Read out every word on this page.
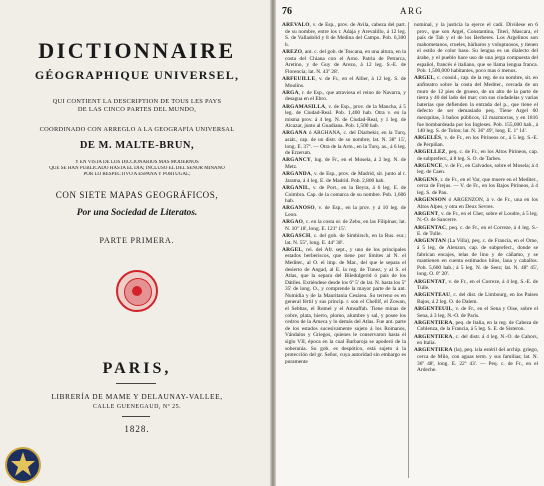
DICTIONNAIRE
GÉOGRAPHIQUE UNIVERSEL,
QUI CONTIENT LA DESCRIPTION DE TOUS LES PAYS
DE LAS CINCO PARTES DEL MUNDO,
COORDINADO CON ARREGLO A LA GEOGRAFÍA UNIVERSAL
DE M. MALTE-BRUN,
Y EN VISTA DE LOS DICCIONARIOS MAS MODERNOS
QUE SE HAN PUBLICADO HASTA EL DIA; INCLUSO EL DEL SEÑOR MIÑANO
POR LO RESPECTIVO A ESPAÑA Y PORTUGAL;
CON SIETE MAPAS GEOGRÁFICOS,
Por una Sociedad de Literatos.
PARTE PRIMERA.
PARIS,
LIBRERÍA DE MAME Y DELAUNAY-VALLEE,
CALLE GUENÉGAUD, Nº 25.
1828.
76	ARG
ARÉVALO, v. de Esp., prov. de Avila, cabeza del part. de su nombre, entre los r. Adaja y Arevalillo, á 12 leg. S. de Valladolid y 8 de Medina del Campo. Pob. 6,300 h.
AREZO, ant. c. del gob. de Toscana, en una altura, en la costa del Chiana con el Arno. Patria de Petrarca, Aretino, y de Guy de Arezo, á 12 leg. S.-E. de Florencia; lat. N. 43º 28'.
ARFEUILLE, v. de Fr., en el Allier, á 12 leg. S. de Moulins.
ARGA, r. de Esp., que atraviesa el reino de Navarra, y desagua en el Ebro.
ARGAMASILLA, v. de Esp., prov. de la Mancha, á 5 leg. de Ciudad-Real. Pob. 1,400 hab. Otra v. en la misma prov. á 4 leg. N. de Ciudad-Real, y 1 leg. de Alcazar, junto al Guadiana. Pob. 1,500 hab.
ARGANA ó ARGHANA, c. del Diarbekir, en la Turq. asiát., cap. de un distr. de su nombre; lat. N. 38º 15', long. E. 37º. — Otra de la Arm., en la Turq. as., á 6 leg. de Erzerum.
ARGANCY, lug. de Fr., en el Mosela, á 2 leg. N. de Metz.
ARGANDA, v. de Esp., prov. de Madrid, sit. junto al r. Jarama, á 4 leg. E. de Madrid. Pob. 2,800 hab.
ARGANIL, v. de Port., en la Beyra, á 6 leg. E. de Coimbra. Cap. de la comarca de su nombre. Pob. 1,606 hab.
ARGANOSO, v. de Esp., en la prov. y á 10 leg. de Leon.
ARGAO, c. en la costa or. de Zebu, en las Filipinas; lat. N. 10º 18', long. E. 121º 15'.
ARGASCH, c. del gob. de Simbirsch, en la Rus. eur.; lat. N. 55º, long. E. 44º 30'.
ARGEL, rei. del Afr. sept., y uno de los principales estados berberiscos, que tiene por límites al N. el Mediter., al O. el imp. de Mar., del que le separa el desierto de Angad, al E. la reg. de Tunez, y al S. el Atlas, que la separa del Biledulgerid ó país de los Dátiles. Extiéndese desde los 6º 5' de lat. N. hasta los 5º 35' de long. O., y comprende la mayor parte de la ant. Numidia y de la Mauritania Cesárea. Su terreno es en general fértil y sus princip. r. son el Chellif, el Zowan, el Sebbas, el Rumel y el Amsaffah. Tiene minas de cobre, plata, hierro, plomo, alumbre y sal, y posee los cedros de la Ameca y lo demás del Atlas. Fue ant. parte de los estados sucesivamente sujeto á los Romanos, Vándalos y Griegos, quienes le conservaron hasta el siglo VII, época en la cual Barbaroja se apoderó de la soberanía. Su gob. es despótico, está sujeto á la protección del gr. Señor, cuya autoridad sin embargo es puramente
nominal, y la justicia la ejerce el cadí. Divídese en 6 prov., que son Argel, Constantina, Titeri, Mascara, el país de Tab y el de los Berberes. Los Argelinos son mahometanos, crueles, bárbaros y voluptuosos, y tienen el estilo de color baso. Su lengua es un dialecto del árabe, y el pueblo hace uso de una jerga compuesta del español, francés é italiano, que se llama lengua franca. Pob. 1,500,000 habitantes, poco mas ó menos.
ARGEL, c. consid., cap. de la reg. de su nombre, sit. en anfiteatro sobre la costa del Mediter., cercada de un muro de 12 pies de grueso, de un alto de la parte de tierra y 40 del lado del mar; con sus ciudadelas y varias baterías que defienden la entrada del p., que tiene el defecto de ser demasiado peq. Tiene Argel 60 mezquitas, 3 baños públicos, 12 mazmorras, y en 1816 fue bombardeada por los Ingleses. Pob. 155,000 hab., á 140 leg. S. de Tolon; lat. N. 36º 49', long. E. 1º 14'.
ARGELÉS, v. de Fr., en los Pirineos or., á 5 leg. S.-E. de Perpiñan.
ARGELLEZ, peq. c. de Fr., en los Altos Pirineos, cap. de subprefect., á 8 leg. S. O. de Tarbes.
ARGENCE, v. de Fr., en Calvados, sobre el Mosela; á 4 leg. de Caen.
ARGENS, r. de Fr., en el Var, que muere en el Mediter., cerca de Frejus. — V. de Fr., en los Bajos Pirineos, á 4 leg. S. de Pau.
ARGENSON ó ARGENZON, á v. de Fr., una en los Altos Alpes, y otra en Deux Sevres.
ARGENT, v. de Fr., en el Cher, sobre el Loudre, á 5 leg. N.-O. de Sancerre.
ARGENTAC, peq. c. de Fr., en el Correze, á 4 leg. S.-E. de Tulle.
ARGENTAN (La Villa), peq. c. de Francia, en el Orne, á 5 leg. de Alenzon, cap. de subprefect., donde se fabrican encajes, telas de lino y de cáñamo, y se mantienen en cuenta estimados hilos, lana y caballos. Pob. 5,600 hab.; á 5 leg. N. de Seez; lat. N. 48º 45', long. O. 0º 20'.
ARGENTAT, v. de Fr., en el Correze, á 4 leg. S.-E. de Tulle.
ARGENTEAU, c. del dist. de Limbourg, en los Países Bajos, á 2 leg. O. de Dalem.
ARGENTEUIL, v. de Fr., en el Sena y Oise, sobre el Sena, á 3 leg. N.-O. de Paris.
ARGENTIERA, peq. de Italia, en la reg. de Cabeza de Coblenza, de la Francia, á 5 leg. S. E. de Sisteron.
ARGENTIERA, c. del distr. á 4 leg. N.-O. de Cahors, en Italia.
ARGENTIERA (la), peq. isla estéril del archip. griego, cerca de Milo, con aguas term. y sus familias; lat. N. 36º 48', long. E. 22º 43'. — Peq. c. de Fr., en el Ardeche.
